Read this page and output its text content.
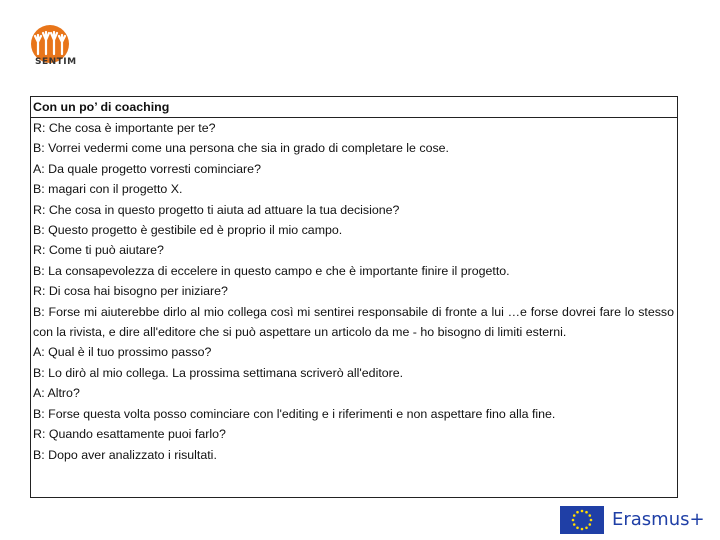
SENTIM
Con un po’ di coaching
R: Che cosa è importante per te?
B: Vorrei vedermi come una persona che sia in grado di completare le cose.
A: Da quale progetto vorresti cominciare?
B: magari con il progetto X.
R: Che cosa in questo progetto ti aiuta ad attuare la tua decisione?
B: Questo progetto è gestibile ed è proprio il mio campo.
R: Come ti può aiutare?
B: La consapevolezza di eccelere in questo campo e che è importante finire il progetto.
R: Di cosa hai bisogno per iniziare?
B: Forse mi aiuterebbe dirlo al mio collega così mi sentirei responsabile di fronte a lui …e forse dovrei fare lo stesso con la rivista, e dire all'editore che si può aspettare un articolo da me - ho bisogno di limiti esterni.
A: Qual è il tuo prossimo passo?
B: Lo dirò al mio collega. La prossima settimana scriverò all'editore.
A: Altro?
B: Forse questa volta posso cominciare con l'editing e i riferimenti e non aspettare fino alla fine.
R: Quando esattamente puoi farlo?
B: Dopo aver analizzato i risultati.
Erasmus+
